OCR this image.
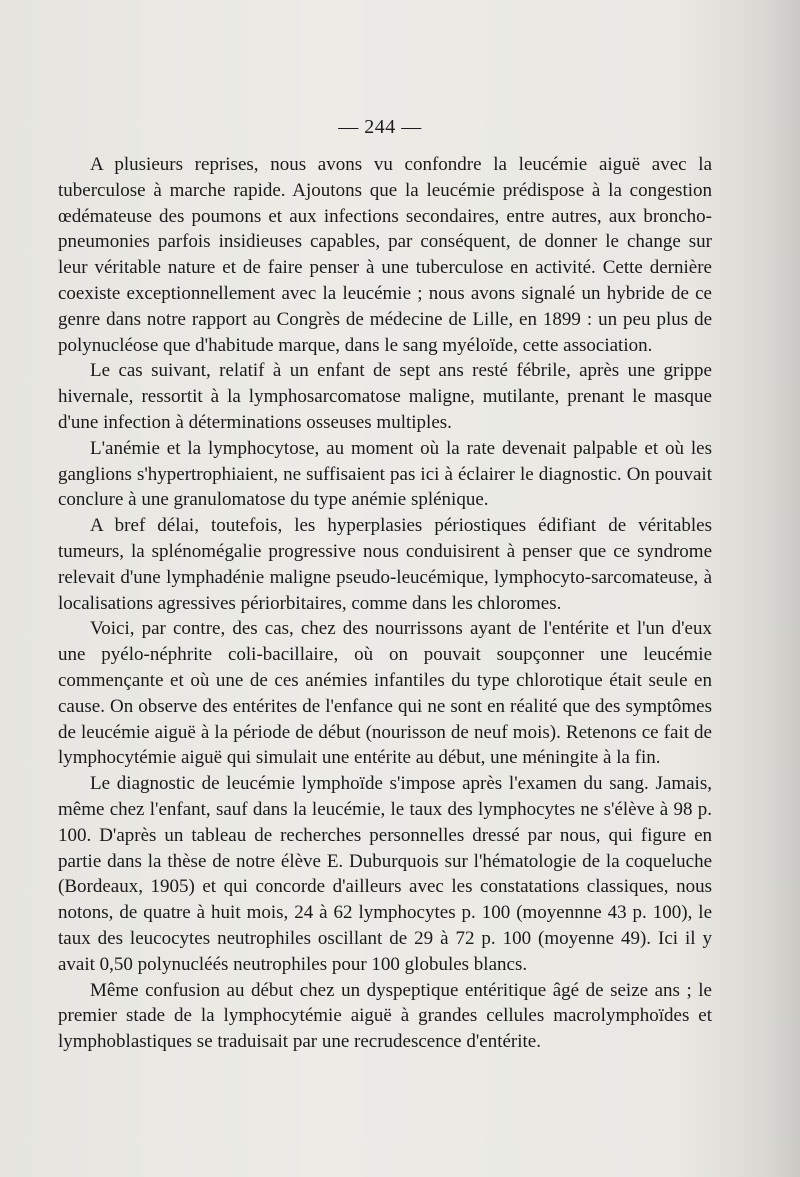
— 244 —

A plusieurs reprises, nous avons vu confondre la leucémie aiguë avec la tuberculose à marche rapide. Ajoutons que la leucémie prédispose à la congestion œdémateuse des poumons et aux infections secondaires, entre autres, aux broncho-pneumonies parfois insidieuses capables, par conséquent, de donner le change sur leur véritable nature et de faire penser à une tuberculose en activité. Cette dernière coexiste exceptionnellement avec la leucémie ; nous avons signalé un hybride de ce genre dans notre rapport au Congrès de médecine de Lille, en 1899 : un peu plus de polynucléose que d'habitude marque, dans le sang myéloïde, cette association.

Le cas suivant, relatif à un enfant de sept ans resté fébrile, après une grippe hivernale, ressortit à la lymphosarcomatose maligne, mutilante, prenant le masque d'une infection à déterminations osseuses multiples.

L'anémie et la lymphocytose, au moment où la rate devenait palpable et où les ganglions s'hypertrophiaient, ne suffisaient pas ici à éclairer le diagnostic. On pouvait conclure à une granulomatose du type anémie splénique.

A bref délai, toutefois, les hyperplasies périostiques édifiant de véritables tumeurs, la splénomégalie progressive nous conduisirent à penser que ce syndrome relevait d'une lymphadénie maligne pseudo-leucémique, lymphocyto-sarcomateuse, à localisations agressives périorbitaires, comme dans les chloromes.

Voici, par contre, des cas, chez des nourrissons ayant de l'entérite et l'un d'eux une pyélo-néphrite coli-bacillaire, où on pouvait soupçonner une leucémie commençante et où une de ces anémies infantiles du type chlorotique était seule en cause. On observe des entérites de l'enfance qui ne sont en réalité que des symptômes de leucémie aiguë à la période de début (nourisson de neuf mois). Retenons ce fait de lymphocytémie aiguë qui simulait une entérite au début, une méningite à la fin.

Le diagnostic de leucémie lymphoïde s'impose après l'examen du sang. Jamais, même chez l'enfant, sauf dans la leucémie, le taux des lymphocytes ne s'élève à 98 p. 100. D'après un tableau de recherches personnelles dressé par nous, qui figure en partie dans la thèse de notre élève E. Duburquois sur l'hématologie de la coqueluche (Bordeaux, 1905) et qui concorde d'ailleurs avec les constatations classiques, nous notons, de quatre à huit mois, 24 à 62 lymphocytes p. 100 (moyennne 43 p. 100), le taux des leucocytes neutrophiles oscillant de 29 à 72 p. 100 (moyenne 49). Ici il y avait 0,50 polynucléés neutrophiles pour 100 globules blancs.

Même confusion au début chez un dyspeptique entéritique âgé de seize ans ; le premier stade de la lymphocytémie aiguë à grandes cellules macrolymphoïdes et lymphoblastiques se traduisait par une recrudescence d'entérite.
